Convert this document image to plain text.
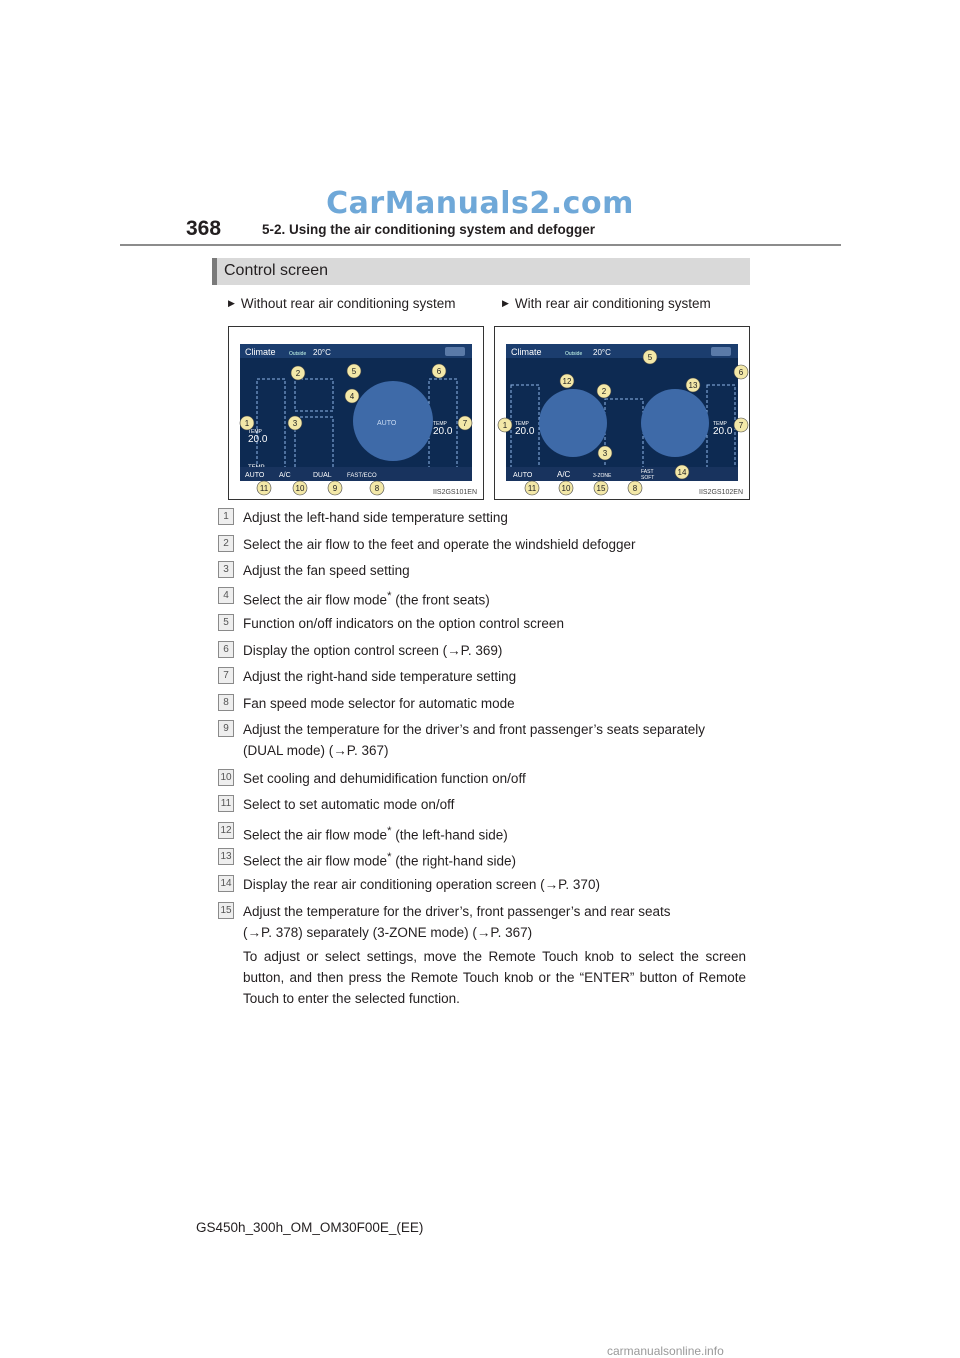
CarManuals2.com
368	5-2. Using the air conditioning system and defogger
Control screen
▶ Without rear air conditioning system	▶ With rear air conditioning system
Climate	Outside 20°C
TEMP
20.0
TEMP
20.0
AUTO
AUTO A/C	DUAL	FAST/ECO
1
2
3
4
5	6
7
8
9
10
11	IIS2GS101EN
Climate	Outside 20°C
TEMP
20.0
TEMP
20.0
AUTO	A/C	3-ZONE
FAST
SOFT
1
2
3
5
6
7
8
10
11
12	13
14
15	IIS2GS102EN
1	Adjust the left-hand side temperature setting
2	Select the air flow to the feet and operate the windshield defogger
3	Adjust the fan speed setting
4	Select the air flow mode* (the front seats)
5	Function on/off indicators on the option control screen
6	Display the option control screen (→P. 369)
7	Adjust the right-hand side temperature setting
8	Fan speed mode selector for automatic mode
9	Adjust the temperature for the driver’s and front passenger’s seats separately
(DUAL mode) (→P. 367)
10 Set cooling and dehumidification function on/off
11 Select to set automatic mode on/off
12 Select the air flow mode* (the left-hand side)
13 Select the air flow mode* (the right-hand side)
14 Display the rear air conditioning operation screen (→P. 370)
15 Adjust the temperature for the driver’s, front passenger’s and rear seats
(→P. 378) separately (3-ZONE mode) (→P. 367)
To adjust or select settings, move the Remote Touch knob to select the screen button, and then press the Remote Touch knob or the “ENTER” button of Remote Touch to enter the selected function.
GS450h_300h_OM_OM30F00E_(EE)
carmanualsonline.info
